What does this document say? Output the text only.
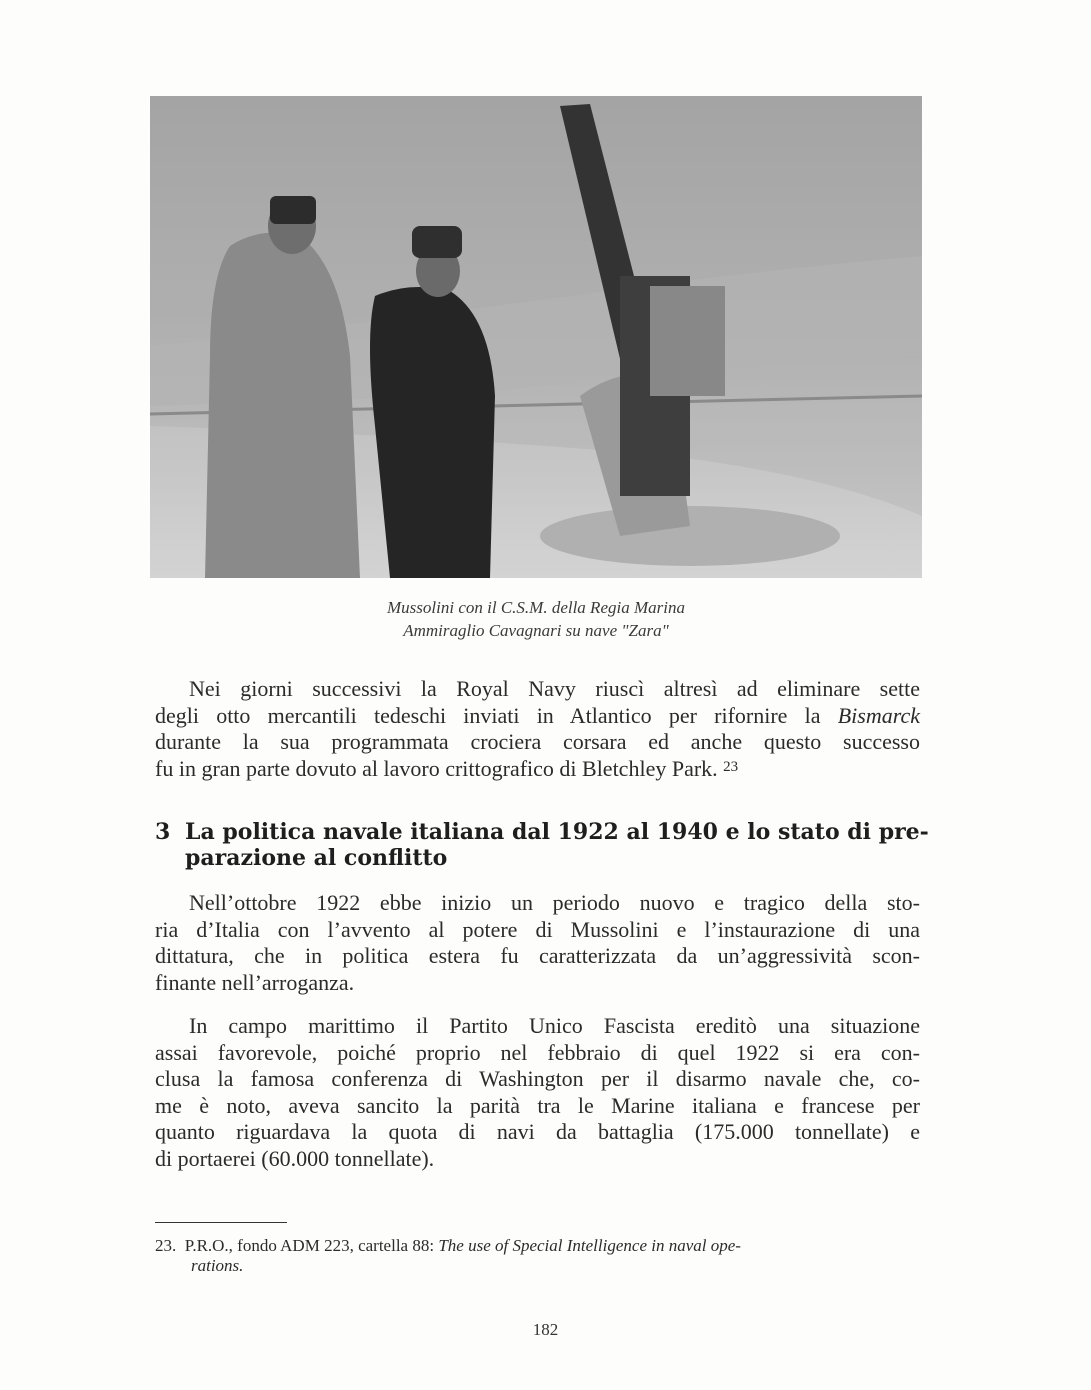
Mussolini con il C.S.M. della Regia Marina
Ammiraglio Cavagnari su nave "Zara"
Nei giorni successivi la Royal Navy riuscì altresì ad eliminare sette
degli otto mercantili tedeschi inviati in Atlantico per rifornire la Bismarck
durante la sua programmata crociera corsara ed anche questo successo
fu in gran parte dovuto al lavoro crittografico di Bletchley Park. $^{23}$
3 La politica navale italiana dal 1922 al 1940 e lo stato di pre-
parazione al conflitto
Nell’ottobre 1922 ebbe inizio un periodo nuovo e tragico della sto-
ria d’Italia con l’avvento al potere di Mussolini e l’instaurazione di una
dittatura, che in politica estera fu caratterizzata da un’aggressività scon-
finante nell’arroganza.
In campo marittimo il Partito Unico Fascista ereditò una situazione
assai favorevole, poiché proprio nel febbraio di quel 1922 si era con-
clusa la famosa conferenza di Washington per il disarmo navale che, co-
me è noto, aveva sancito la parità tra le Marine italiana e francese per
quanto riguardava la quota di navi da battaglia (175.000 tonnellate) e
di portaerei (60.000 tonnellate).
23. P.R.O., fondo ADM 223, cartella 88: The use of Special Intelligence in naval ope-
rations.
182
